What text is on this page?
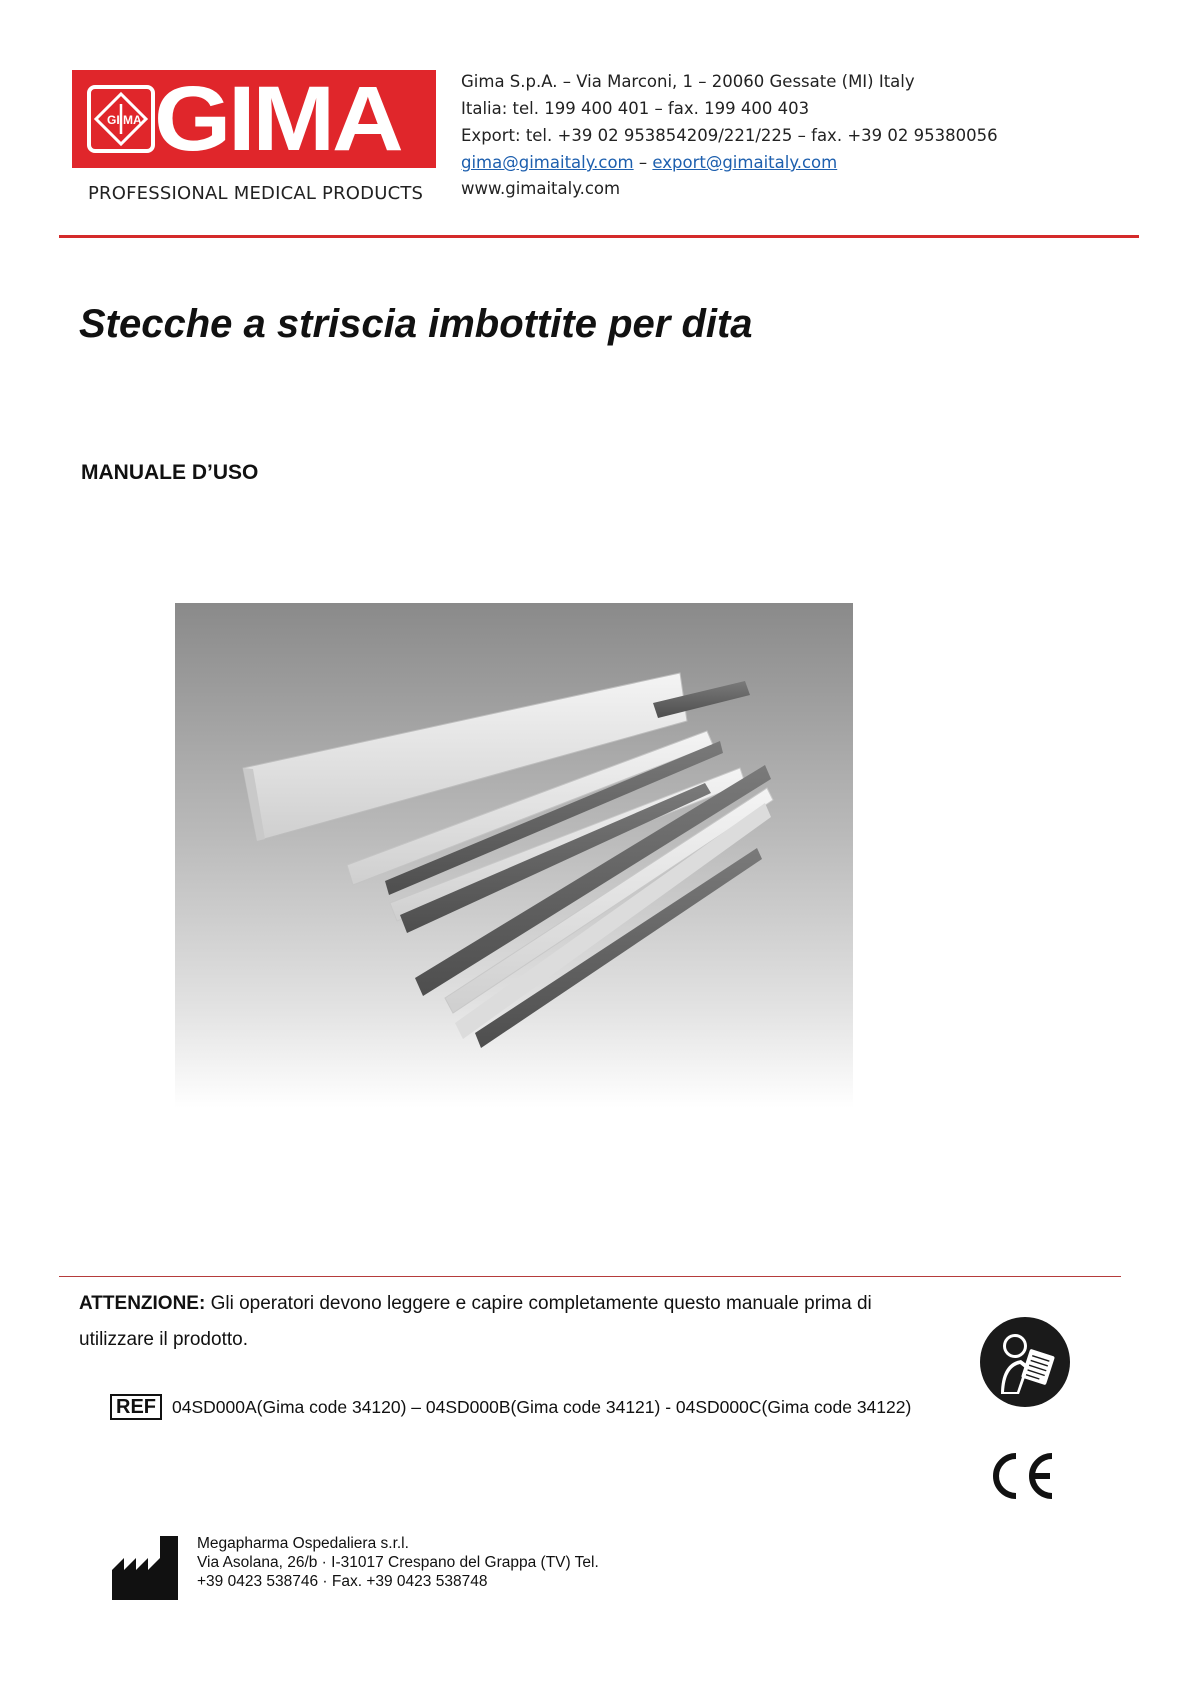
GI MA GIMA
PROFESSIONAL MEDICAL PRODUCTS
Gima S.p.A. – Via Marconi, 1 – 20060 Gessate (MI) Italy
Italia: tel. 199 400 401 – fax. 199 400 403
Export: tel. +39 02 953854209/221/225 – fax. +39 02 95380056
gima@gimaitaly.com – export@gimaitaly.com
www.gimaitaly.com
Stecche a striscia imbottite per dita
MANUALE D’USO
ATTENZIONE: Gli operatori devono leggere e capire completamente questo manuale prima di utilizzare il prodotto.
REF 04SD000A(Gima code 34120) – 04SD000B(Gima code 34121) - 04SD000C(Gima code 34122)
Megapharma Ospedaliera s.r.l.
Via Asolana, 26/b · I-31017 Crespano del Grappa (TV) Tel.
+39 0423 538746 · Fax. +39 0423 538748
